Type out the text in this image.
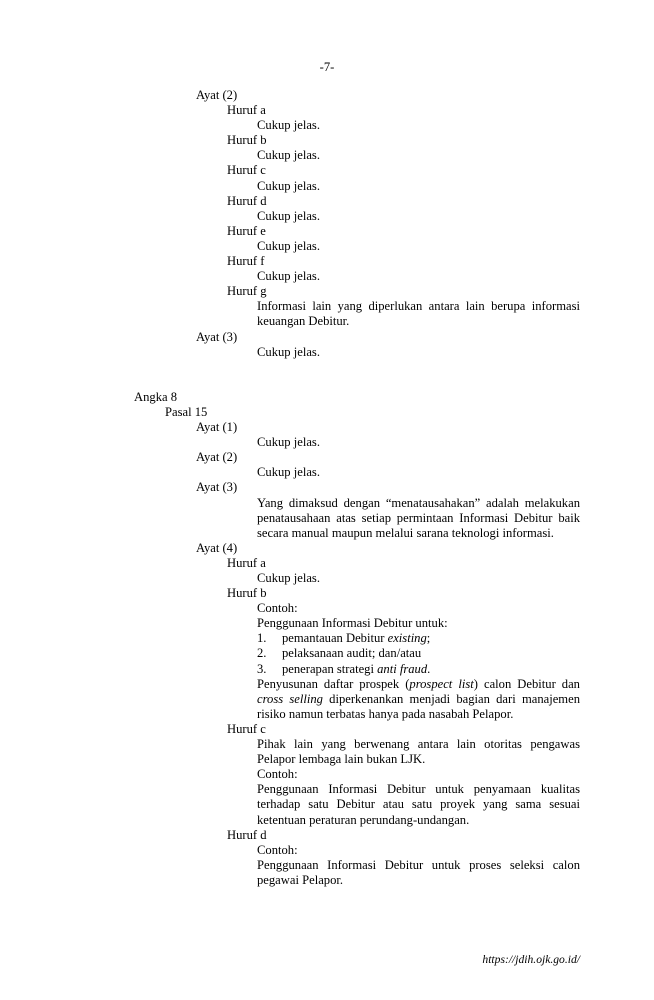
-7-
Ayat (2)
Huruf a
Cukup jelas.
Huruf b
Cukup jelas.
Huruf c
Cukup jelas.
Huruf d
Cukup jelas.
Huruf e
Cukup jelas.
Huruf f
Cukup jelas.
Huruf g
Informasi lain yang diperlukan antara lain berupa informasi keuangan Debitur.
Ayat (3)
Cukup jelas.
Angka 8
Pasal 15
Ayat (1)
Cukup jelas.
Ayat (2)
Cukup jelas.
Ayat (3)
Yang dimaksud dengan “menatausahakan” adalah melakukan penatausahaan atas setiap permintaan Informasi Debitur baik secara manual maupun melalui sarana teknologi informasi.
Ayat (4)
Huruf a
Cukup jelas.
Huruf b
Contoh:
Penggunaan Informasi Debitur untuk:
1.	pemantauan Debitur existing;
2.	pelaksanaan audit; dan/atau
3.	penerapan strategi anti fraud.
Penyusunan daftar prospek (prospect list) calon Debitur dan cross selling diperkenankan menjadi bagian dari manajemen risiko namun terbatas hanya pada nasabah Pelapor.
Huruf c
Pihak lain yang berwenang antara lain otoritas pengawas Pelapor lembaga lain bukan LJK.
Contoh:
Penggunaan Informasi Debitur untuk penyamaan kualitas terhadap satu Debitur atau satu proyek yang sama sesuai ketentuan peraturan perundang-undangan.
Huruf d
Contoh:
Penggunaan Informasi Debitur untuk proses seleksi calon pegawai Pelapor.
https://jdih.ojk.go.id/
